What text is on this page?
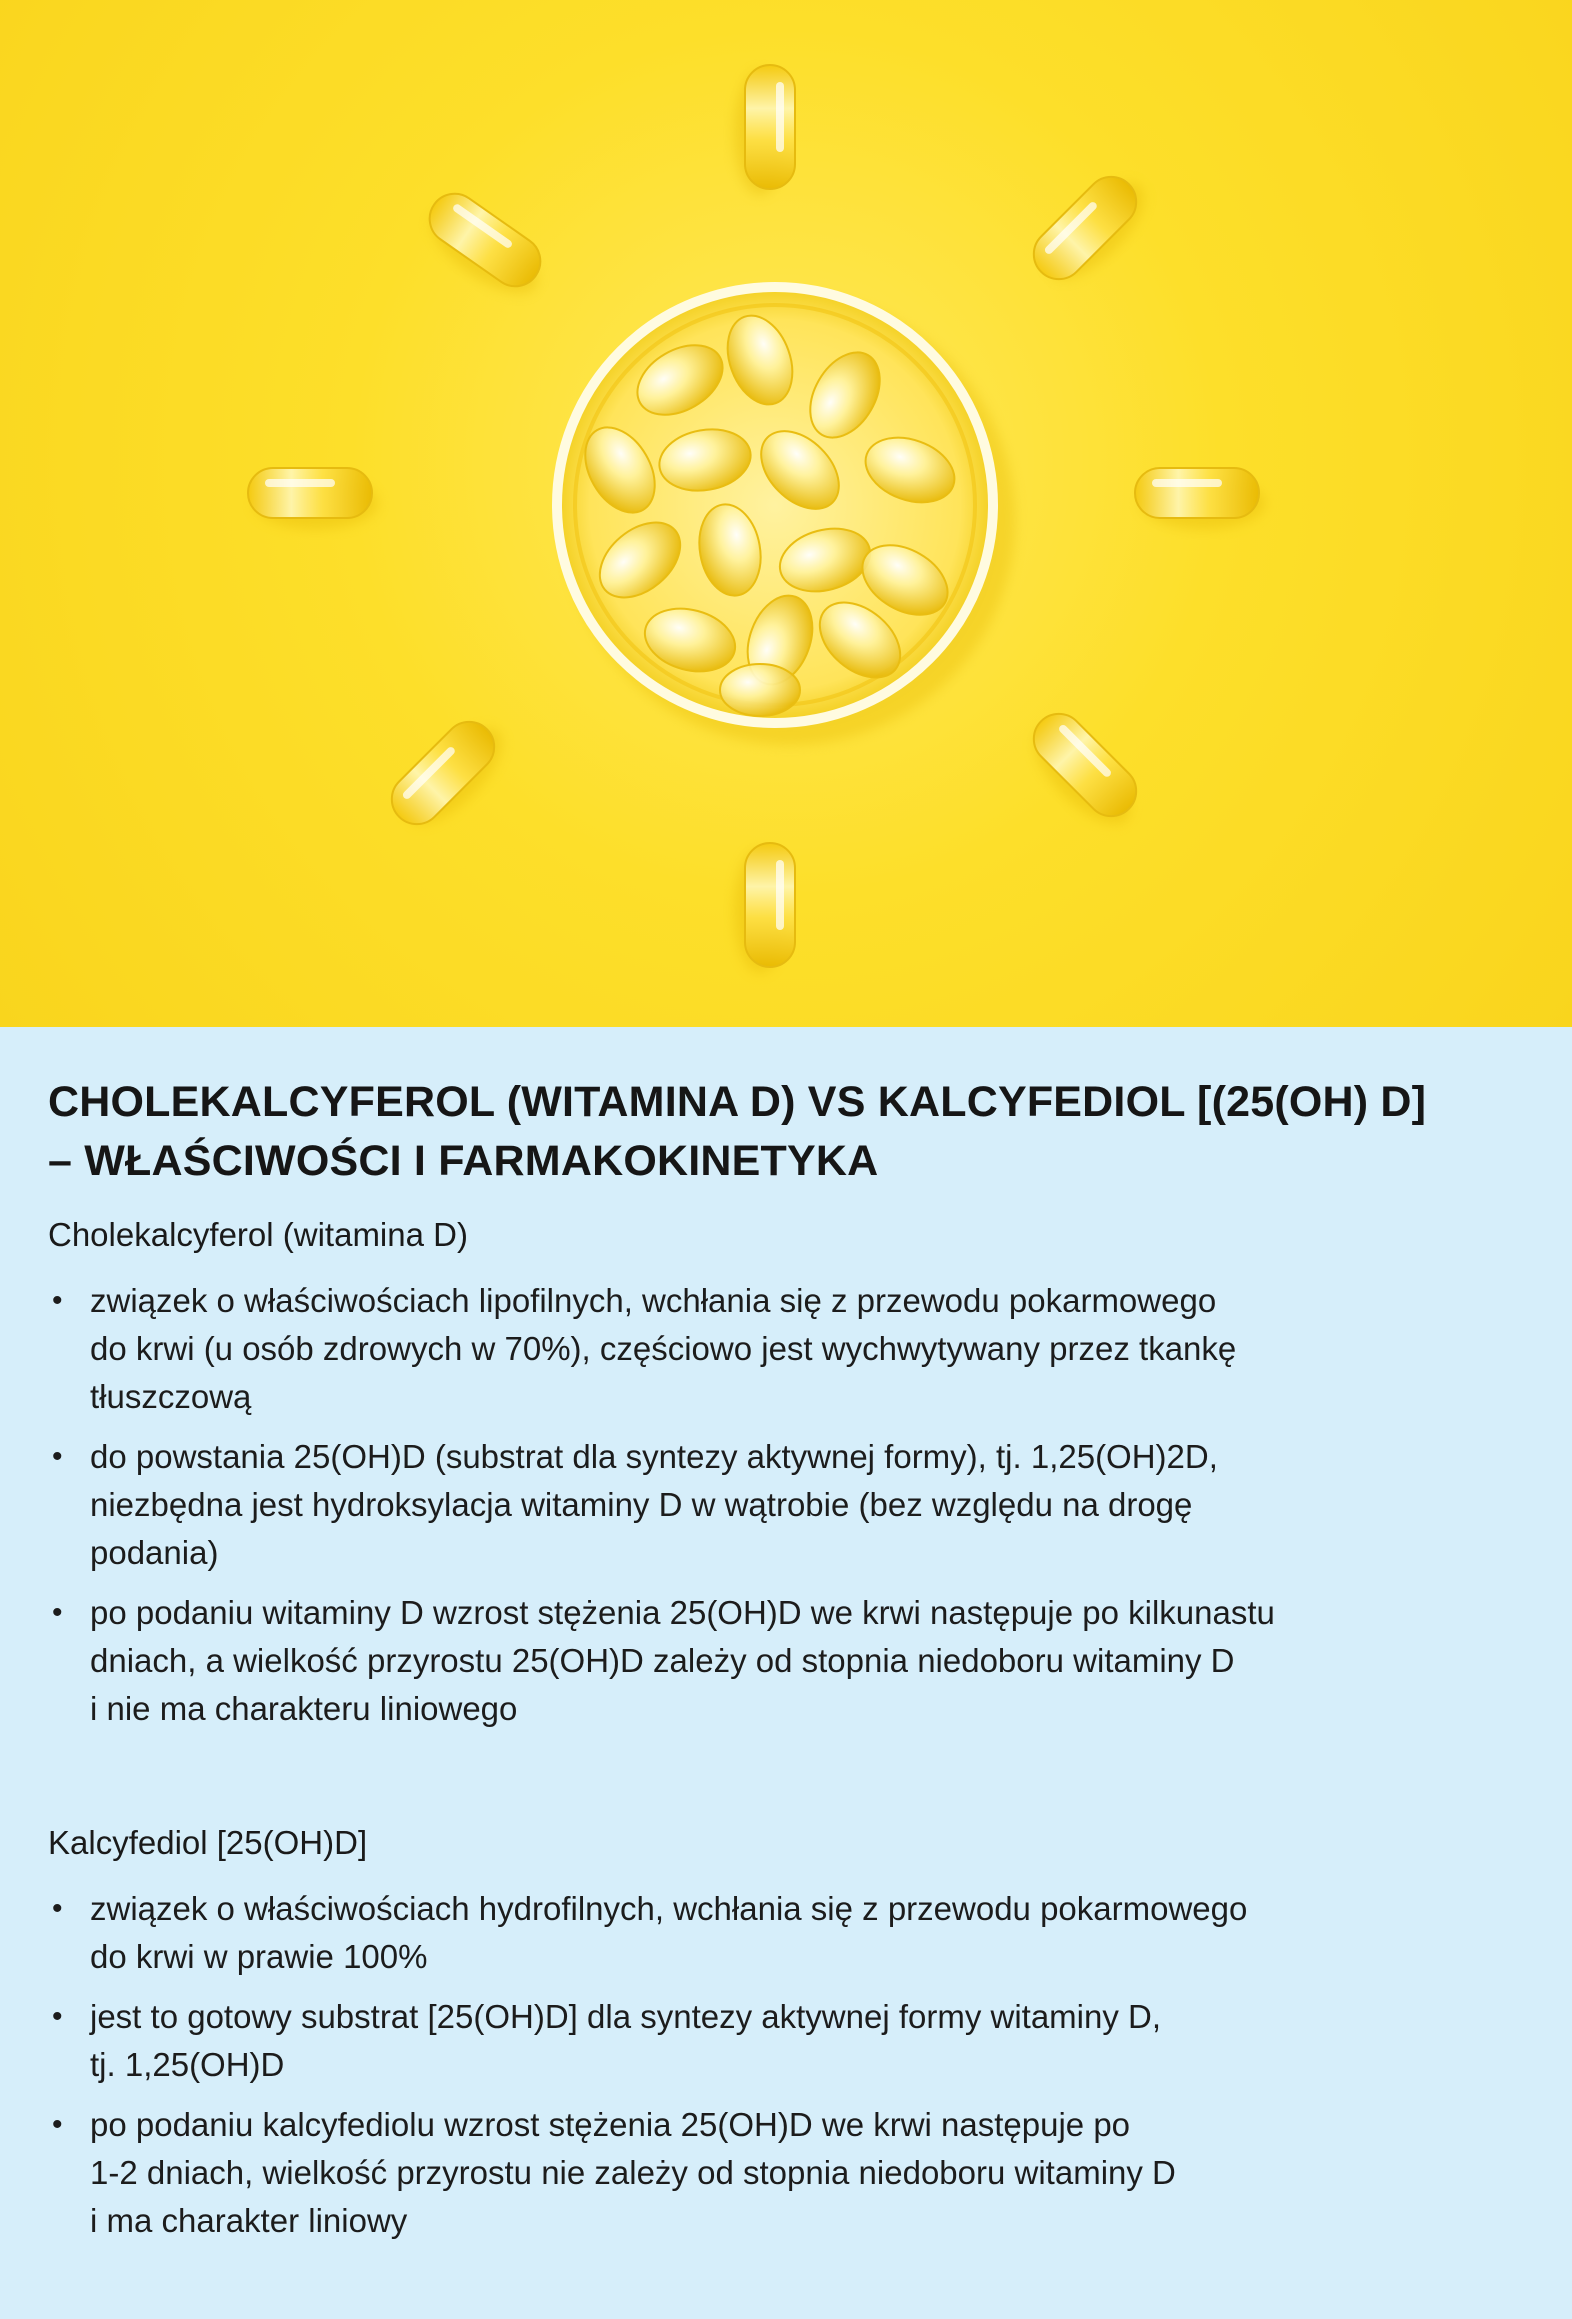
CHOLEKALCYFEROL (WITAMINA D) VS KALCYFEDIOL [(25(OH) D]
– WŁAŚCIWOŚCI I FARMAKOKINETYKA
Cholekalcyferol (witamina D)
• związek o właściwościach lipofilnych, wchłania się z przewodu pokarmowego
do krwi (u osób zdrowych w 70%), częściowo jest wychwytywany przez tkankę
tłuszczową
• do powstania 25(OH)D (substrat dla syntezy aktywnej formy), tj. 1,25(OH)2D,
niezbędna jest hydroksylacja witaminy D w wątrobie (bez względu na drogę
podania)
• po podaniu witaminy D wzrost stężenia 25(OH)D we krwi następuje po kilkunastu
dniach, a wielkość przyrostu 25(OH)D zależy od stopnia niedoboru witaminy D
i nie ma charakteru liniowego
Kalcyfediol [25(OH)D]
• związek o właściwościach hydrofilnych, wchłania się z przewodu pokarmowego
do krwi w prawie 100%
• jest to gotowy substrat [25(OH)D] dla syntezy aktywnej formy witaminy D,
tj. 1,25(OH)D
• po podaniu kalcyfediolu wzrost stężenia 25(OH)D we krwi następuje po
1-2 dniach, wielkość przyrostu nie zależy od stopnia niedoboru witaminy D
i ma charakter liniowy
